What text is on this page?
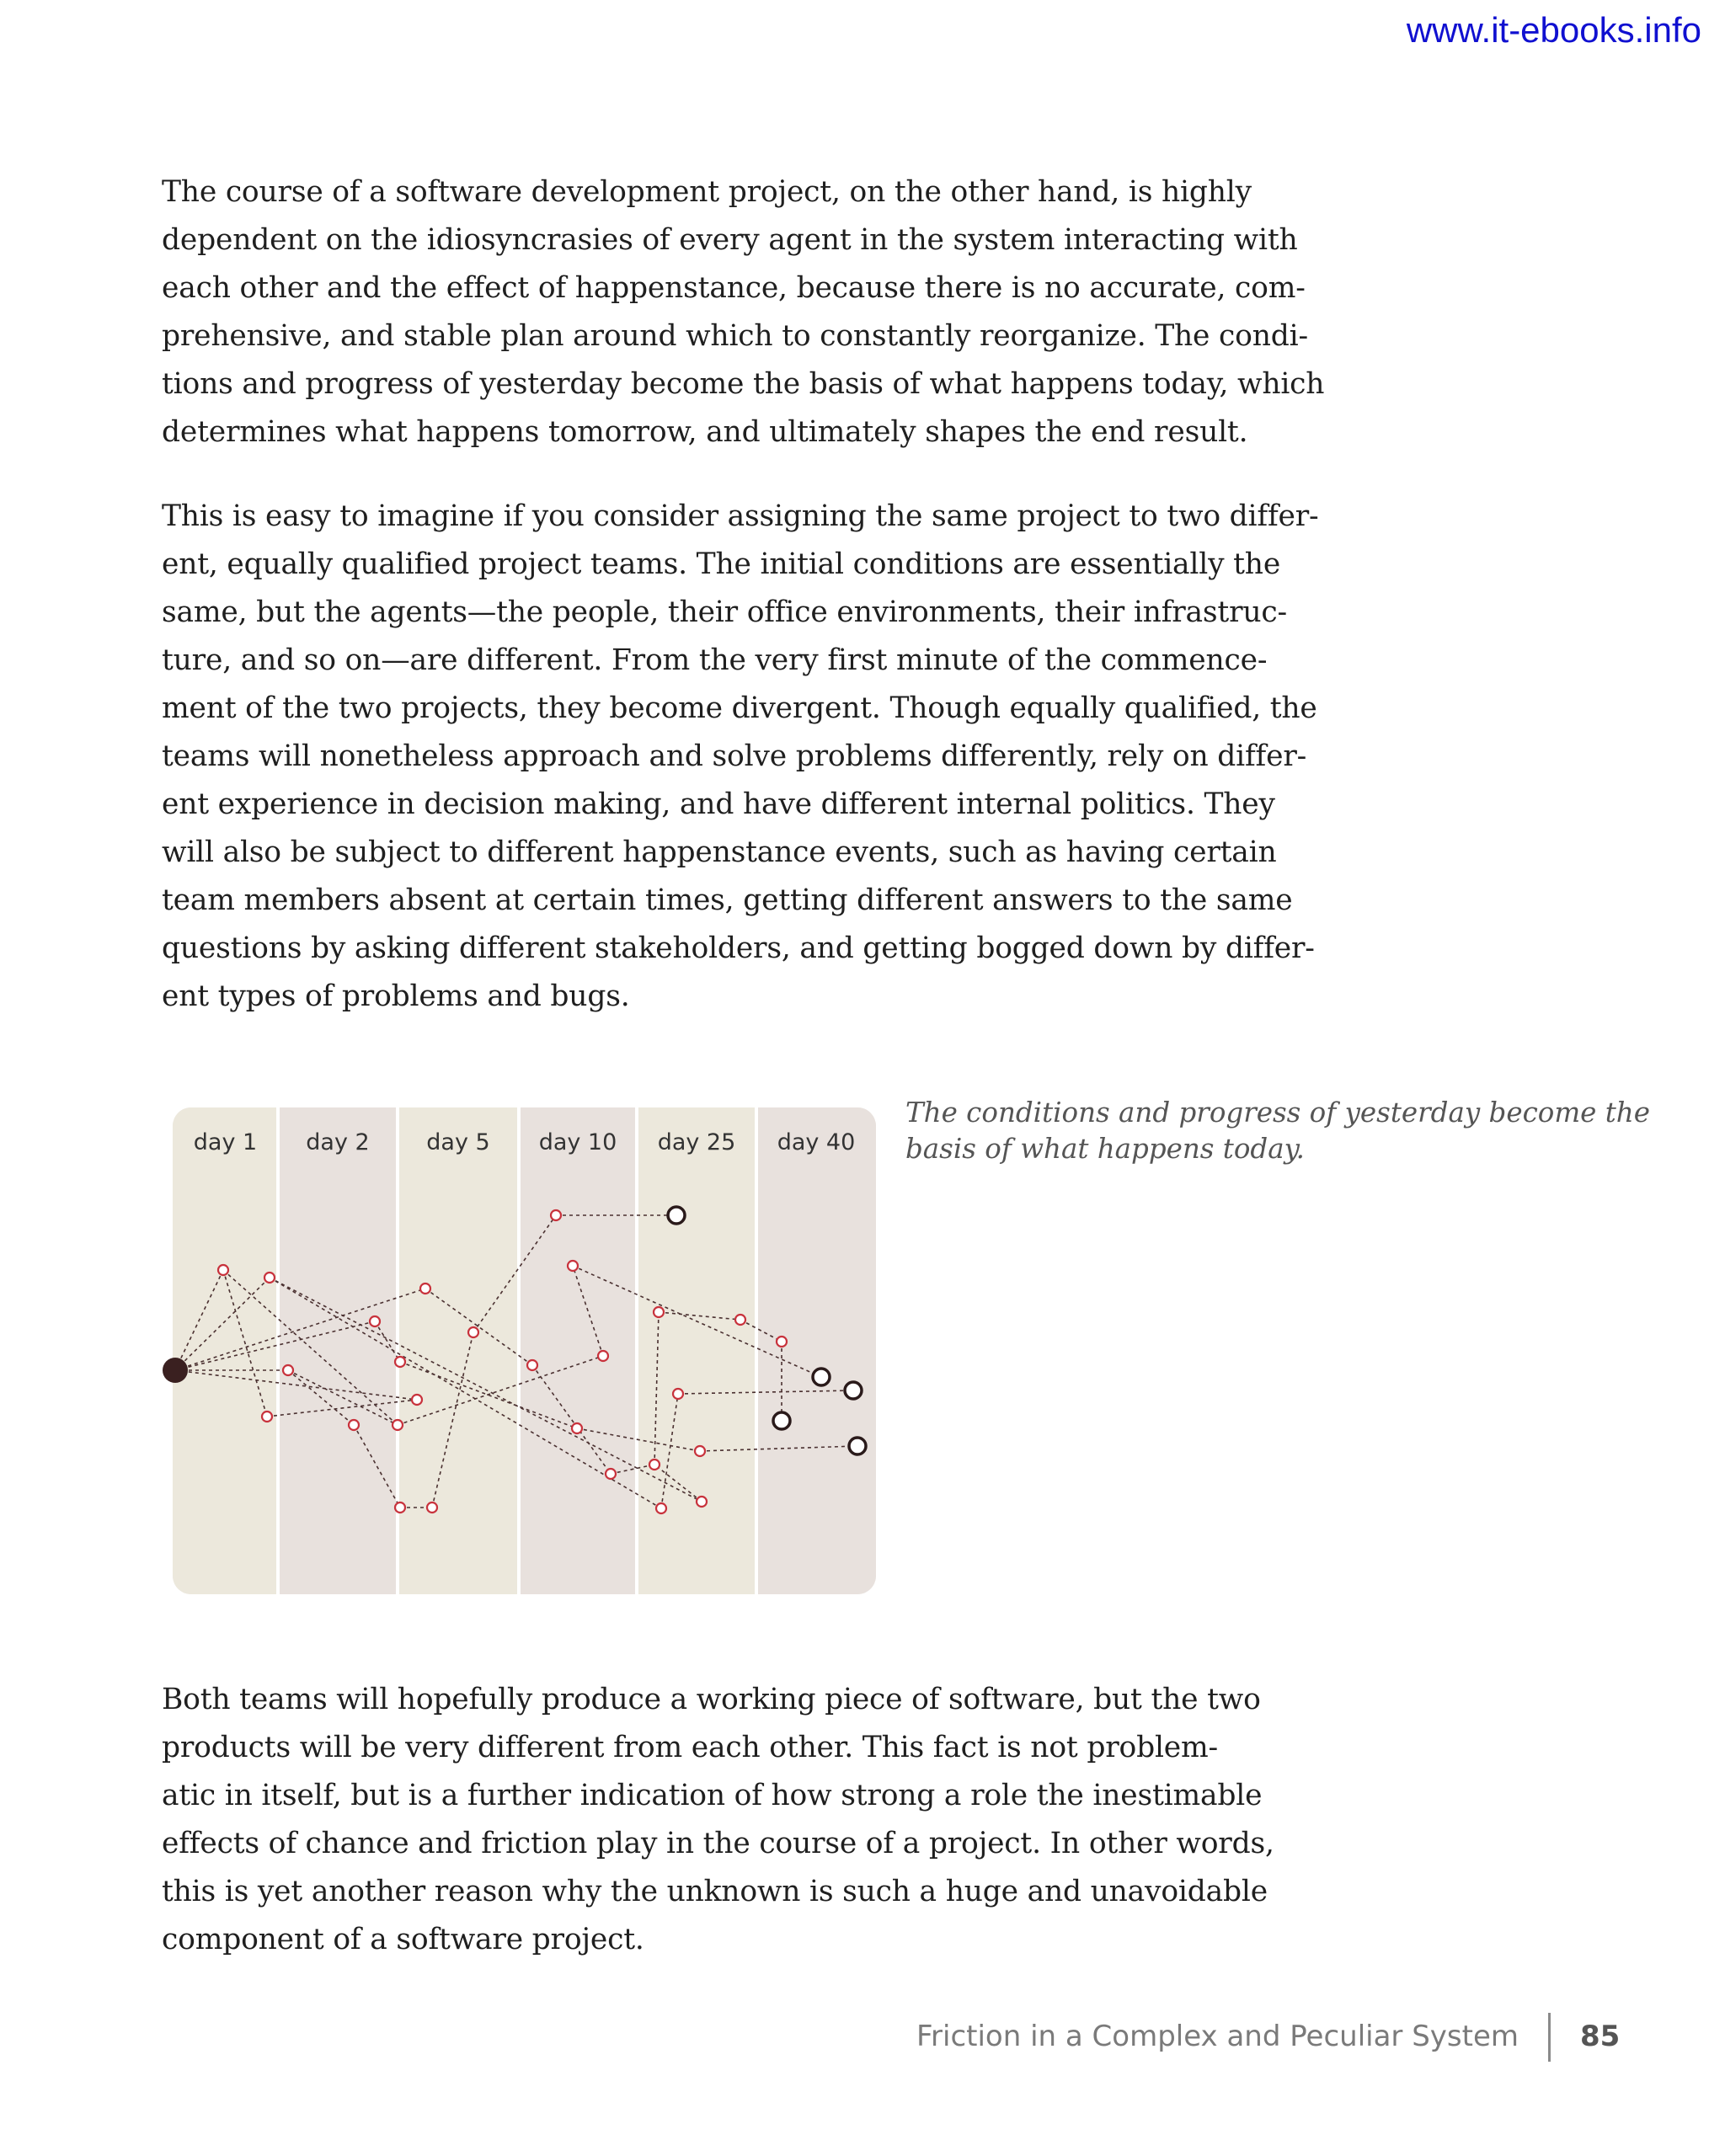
www.it-ebooks.info
The course of a software development project, on the other hand, is highly
dependent on the idiosyncrasies of every agent in the system interacting with
each other and the effect of happenstance, because there is no accurate, com-
prehensive, and stable plan around which to constantly reorganize. The condi-
tions and progress of yesterday become the basis of what happens today, which
determines what happens tomorrow, and ultimately shapes the end result.
This is easy to imagine if you consider assigning the same project to two differ-
ent, equally qualified project teams. The initial conditions are essentially the
same, but the agents—the people, their office environments, their infrastruc-
ture, and so on—are different. From the very first minute of the commence-
ment of the two projects, they become divergent. Though equally qualified, the
teams will nonetheless approach and solve problems differently, rely on differ-
ent experience in decision making, and have different internal politics. They
will also be subject to different happenstance events, such as having certain
team members absent at certain times, getting different answers to the same
questions by asking different stakeholders, and getting bogged down by differ-
ent types of problems and bugs.
day 1 day 2	day 5 day 10 day 25 day 40
The conditions and progress of yesterday become the
basis of what happens today.
Both teams will hopefully produce a working piece of software, but the two
products will be very different from each other. This fact is not problem-
atic in itself, but is a further indication of how strong a role the inestimable
effects of chance and friction play in the course of a project. In other words,
this is yet another reason why the unknown is such a huge and unavoidable
component of a software project.
Friction in a Complex and Peculiar System 85
